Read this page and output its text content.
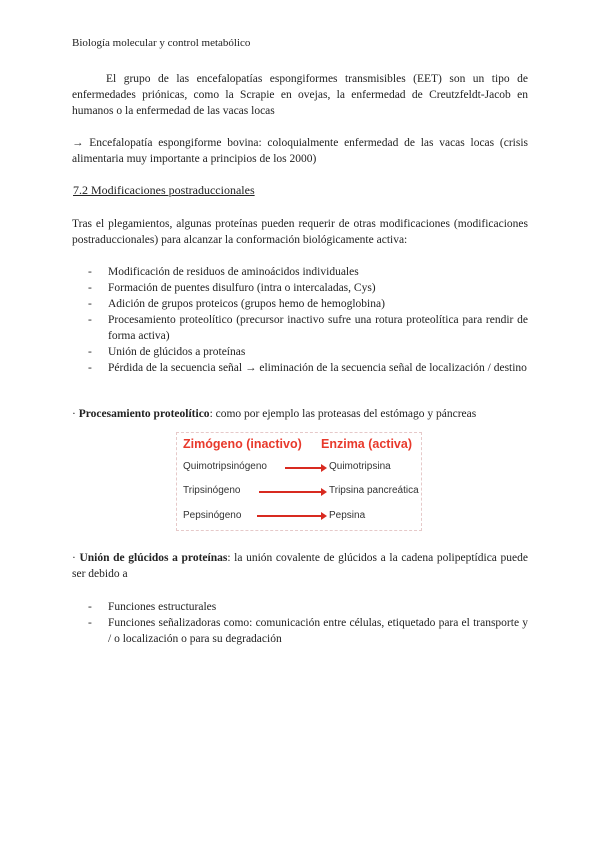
Biología molecular y control metabólico
El grupo de las encefalopatías espongiformes transmisibles (EET) son un tipo de enfermedades priónicas, como la Scrapie en ovejas, la enfermedad de Creutzfeldt-Jacob en humanos o la enfermedad de las vacas locas
→ Encefalopatía espongiforme bovina: coloquialmente enfermedad de las vacas locas (crisis alimentaria muy importante a principios de los 2000)
7.2 Modificaciones postraduccionales
Tras el plegamientos, algunas proteínas pueden requerir de otras modificaciones (modificaciones postraduccionales) para alcanzar la conformación biológicamente activa:
- Modificación de residuos de aminoácidos individuales
- Formación de puentes disulfuro (intra o intercaladas, Cys)
- Adición de grupos proteicos (grupos hemo de hemoglobina)
- Procesamiento proteolítico (precursor inactivo sufre una rotura proteolítica para rendir de forma activa)
- Unión de glúcidos a proteínas
- Pérdida de la secuencia señal → eliminación de la secuencia señal de localización / destino
· Procesamiento proteolítico: como por ejemplo las proteasas del estómago y páncreas
Zimógeno (inactivo) Enzima (activa)
Quimotripsinógeno	Quimotripsina
Tripsinógeno	Tripsina pancreática
Pepsinógeno	Pepsina
· Unión de glúcidos a proteínas: la unión covalente de glúcidos a la cadena polipeptídica puede ser debido a
- Funciones estructurales
- Funciones señalizadoras como: comunicación entre células, etiquetado para el transporte y / o localización o para su degradación
